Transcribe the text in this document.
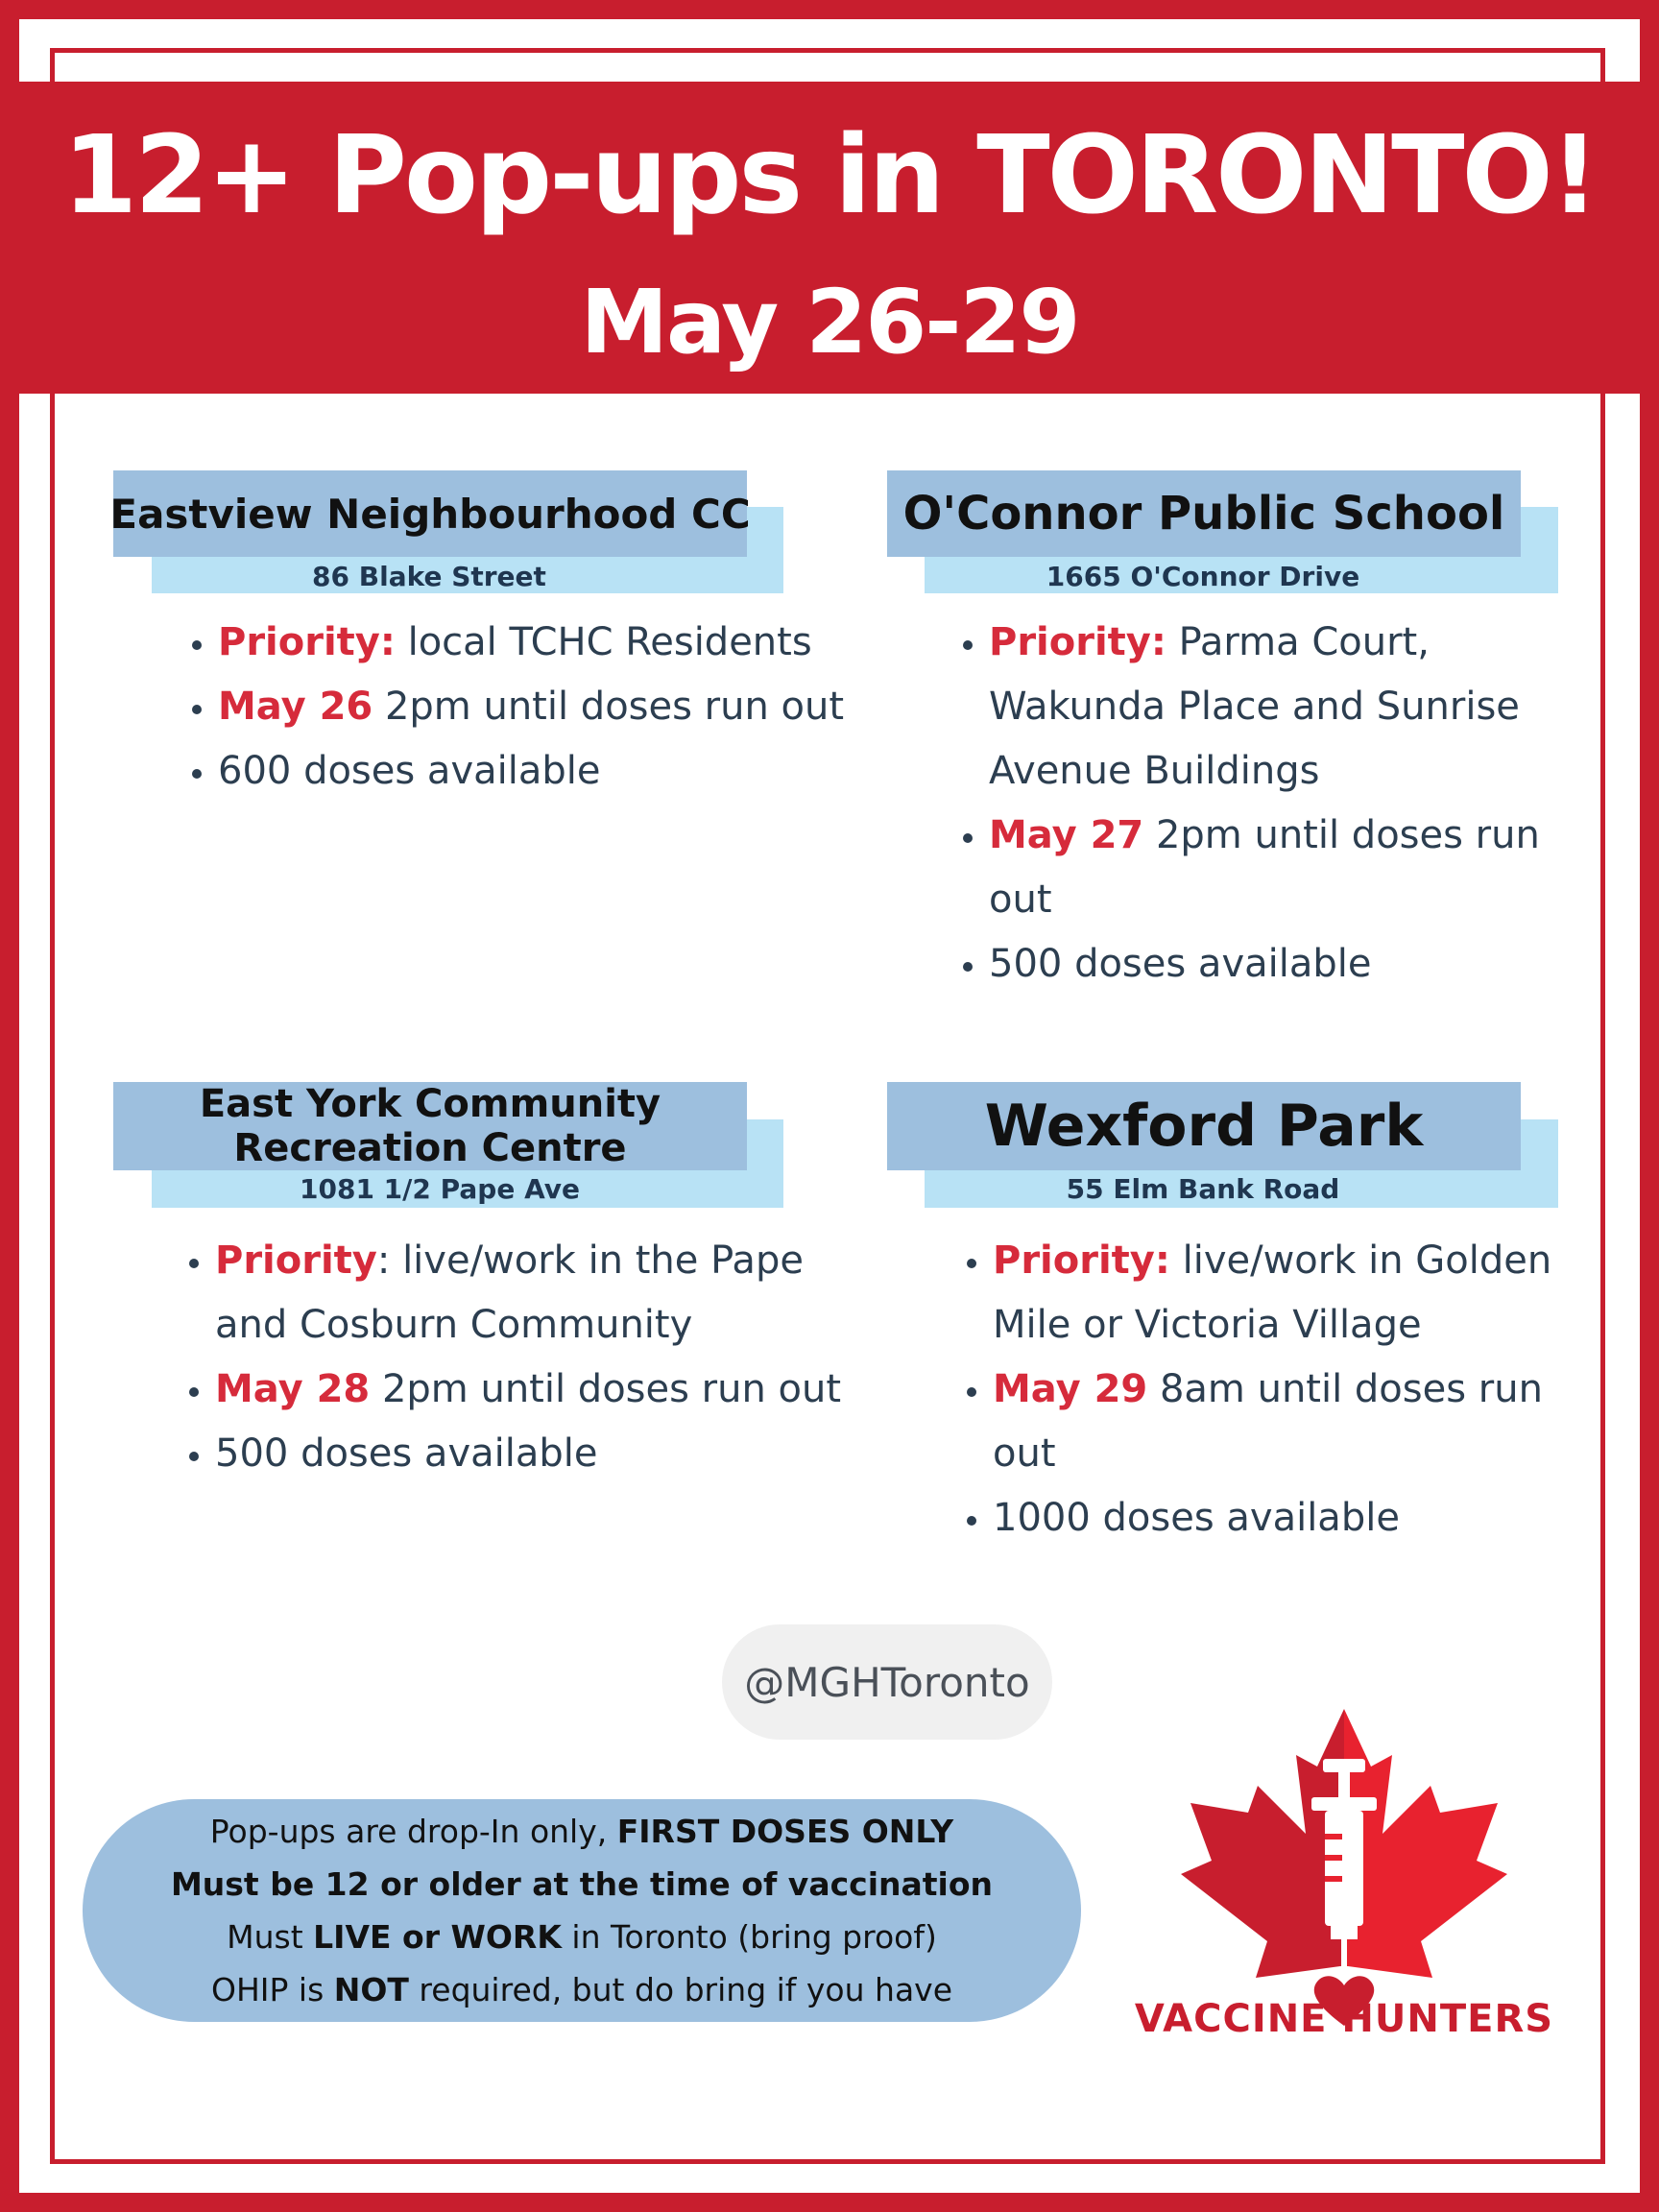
12+ Pop-ups in TORONTO!
May 26-29
Eastview Neighbourhood CC
86 Blake Street
• Priority: local TCHC Residents
• May 26 2pm until doses run out
• 600 doses available
O'Connor Public School
1665 O'Connor Drive
• Priority: Parma Court, Wakunda Place and Sunrise Avenue Buildings
• May 27 2pm until doses run out
• 500 doses available
East York Community
Recreation Centre
1081 1/2 Pape Ave
• Priority: live/work in the Pape and Cosburn Community
• May 28 2pm until doses run out
• 500 doses available
Wexford Park
55 Elm Bank Road
• Priority: live/work in Golden Mile or Victoria Village
• May 29 8am until doses run out
• 1000 doses available
@MGHToronto
Pop-ups are drop-In only, FIRST DOSES ONLY
Must be 12 or older at the time of vaccination
Must LIVE or WORK in Toronto (bring proof)
OHIP is NOT required, but do bring if you have
VACCINE HUNTERS
